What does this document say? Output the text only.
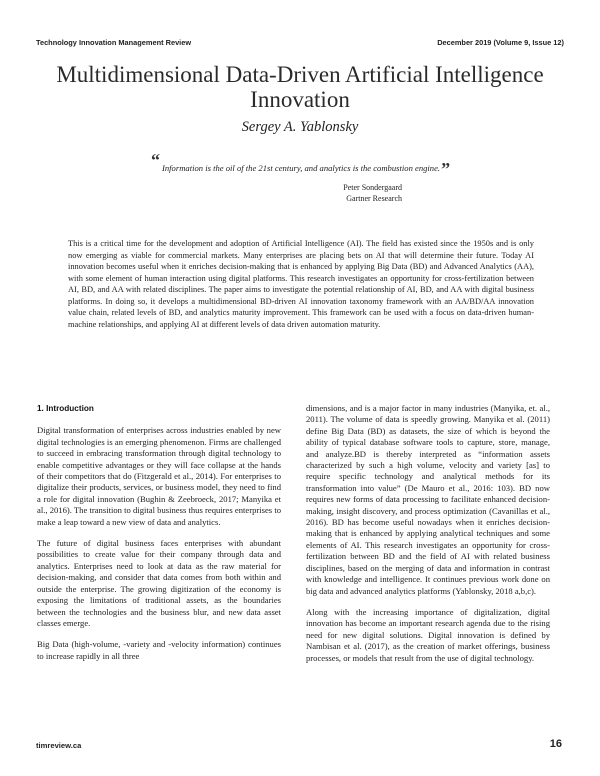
Technology Innovation Management Review	December 2019 (Volume 9, Issue 12)
Multidimensional Data-Driven Artificial Intelligence Innovation
Sergey A. Yablonsky
“ Information is the oil of the 21st century, and analytics is the combustion engine.”
Peter Sondergaard
Gartner Research

This is a critical time for the development and adoption of Artificial Intelligence (AI). The field has existed since the 1950s and is only now emerging as viable for commercial markets. Many enterprises are placing bets on AI that will determine their future. Today AI innovation becomes useful when it enriches decision-making that is enhanced by applying Big Data (BD) and Advanced Analytics (AA), with some element of human interaction using digital platforms. This research investigates an opportunity for cross-fertilization between AI, BD, and AA with related disciplines. The paper aims to investigate the potential relationship of AI, BD, and AA with digital business platforms. In doing so, it develops a multidimensional BD-driven AI innovation taxonomy framework with an AA/BD/AA innovation value chain, related levels of BD, and analytics maturity improvement. This framework can be used with a focus on data-driven human-machine relationships, and applying AI at different levels of data driven automation maturity.

1. Introduction

Digital transformation of enterprises across industries enabled by new digital technologies is an emerging phenomenon. Firms are challenged to succeed in embracing transformation through digital technology to enable competitive advantages or they will face collapse at the hands of their competitors that do (Fitzgerald et al., 2014). For enterprises to digitalize their products, services, or business model, they need to find a role for digital innovation (Bughin & Zeebroeck, 2017; Manyika et al., 2016). The transition to digital business thus requires enterprises to make a leap toward a new view of data and analytics.

The future of digital business faces enterprises with abundant possibilities to create value for their company through data and analytics. Enterprises need to look at data as the raw material for decision-making, and consider that data comes from both within and outside the enterprise. The growing digitization of the economy is exposing the limitations of traditional assets, as the boundaries between the technologies and the business blur, and new data asset classes emerge.

Big Data (high-volume, -variety and -velocity information) continues to increase rapidly in all three

dimensions, and is a major factor in many industries (Manyika, et. al., 2011). The volume of data is speedly growing. Manyika et al. (2011) define Big Data (BD) as datasets, the size of which is beyond the ability of typical database software tools to capture, store, manage, and analyze.BD is thereby interpreted as “information assets characterized by such a high volume, velocity and variety [as] to require specific technology and analytical methods for its transformation into value” (De Mauro et al., 2016: 103). BD now requires new forms of data processing to facilitate enhanced decision-making, insight discovery, and process optimization (Cavanillas et al., 2016). BD has become useful nowadays when it enriches decision-making that is enhanced by applying analytical techniques and some elements of AI. This research investigates an opportunity for cross-fertilization between BD and the field of AI with related business disciplines, based on the merging of data and information in contrast with knowledge and intelligence. It continues previous work done on big data and advanced analytics platforms (Yablonsky, 2018 a,b,c).

Along with the increasing importance of digitalization, digital innovation has become an important research agenda due to the rising need for new digital solutions. Digital innovation is defined by Nambisan et al. (2017), as the creation of market offerings, business processes, or models that result from the use of digital technology.

timreview.ca	16
